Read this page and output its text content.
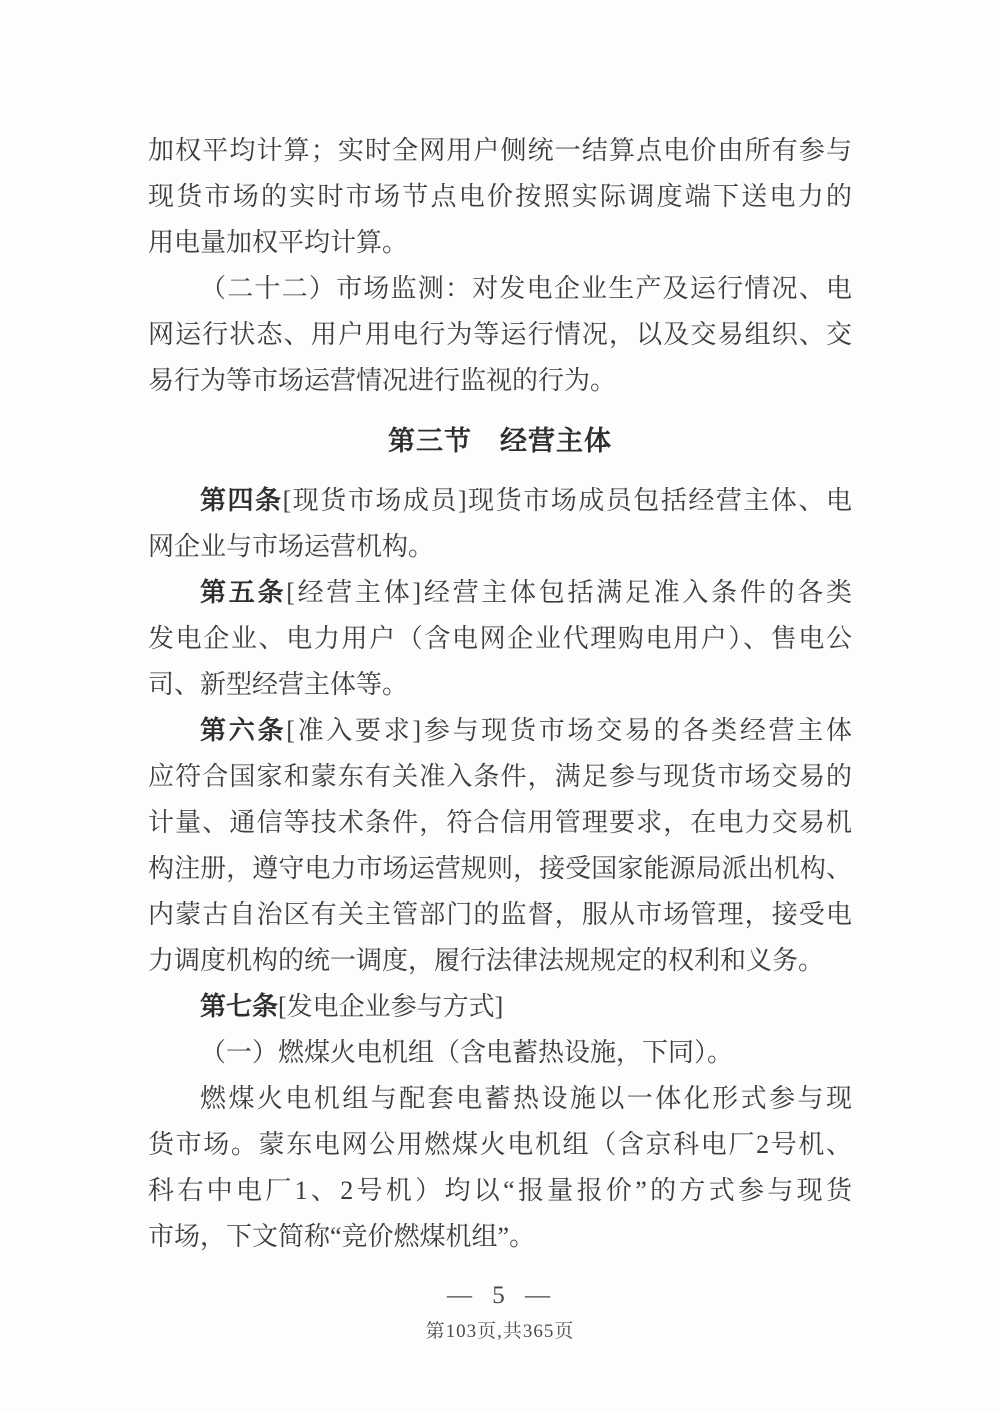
加权平均计算；实时全网用户侧统一结算点电价由所有参与
现货市场的实时市场节点电价按照实际调度端下送电力的
用电量加权平均计算。
（二十二）市场监测：对发电企业生产及运行情况、电
网运行状态、用户用电行为等运行情况，以及交易组织、交
易行为等市场运营情况进行监视的行为。
第三节　经营主体
第四条[现货市场成员]现货市场成员包括经营主体、电
网企业与市场运营机构。
第五条[经营主体]经营主体包括满足准入条件的各类
发电企业、电力用户（含电网企业代理购电用户）、售电公
司、新型经营主体等。
第六条[准入要求]参与现货市场交易的各类经营主体
应符合国家和蒙东有关准入条件，满足参与现货市场交易的
计量、通信等技术条件，符合信用管理要求，在电力交易机
构注册，遵守电力市场运营规则，接受国家能源局派出机构、
内蒙古自治区有关主管部门的监督，服从市场管理，接受电
力调度机构的统一调度，履行法律法规规定的权利和义务。
第七条[发电企业参与方式]
（一）燃煤火电机组（含电蓄热设施，下同）。
燃煤火电机组与配套电蓄热设施以一体化形式参与现
货市场。蒙东电网公用燃煤火电机组（含京科电厂2号机、
科右中电厂1、2号机）均以“报量报价”的方式参与现货
市场，下文简称“竞价燃煤机组”。
— 5 —
第103页,共365页
